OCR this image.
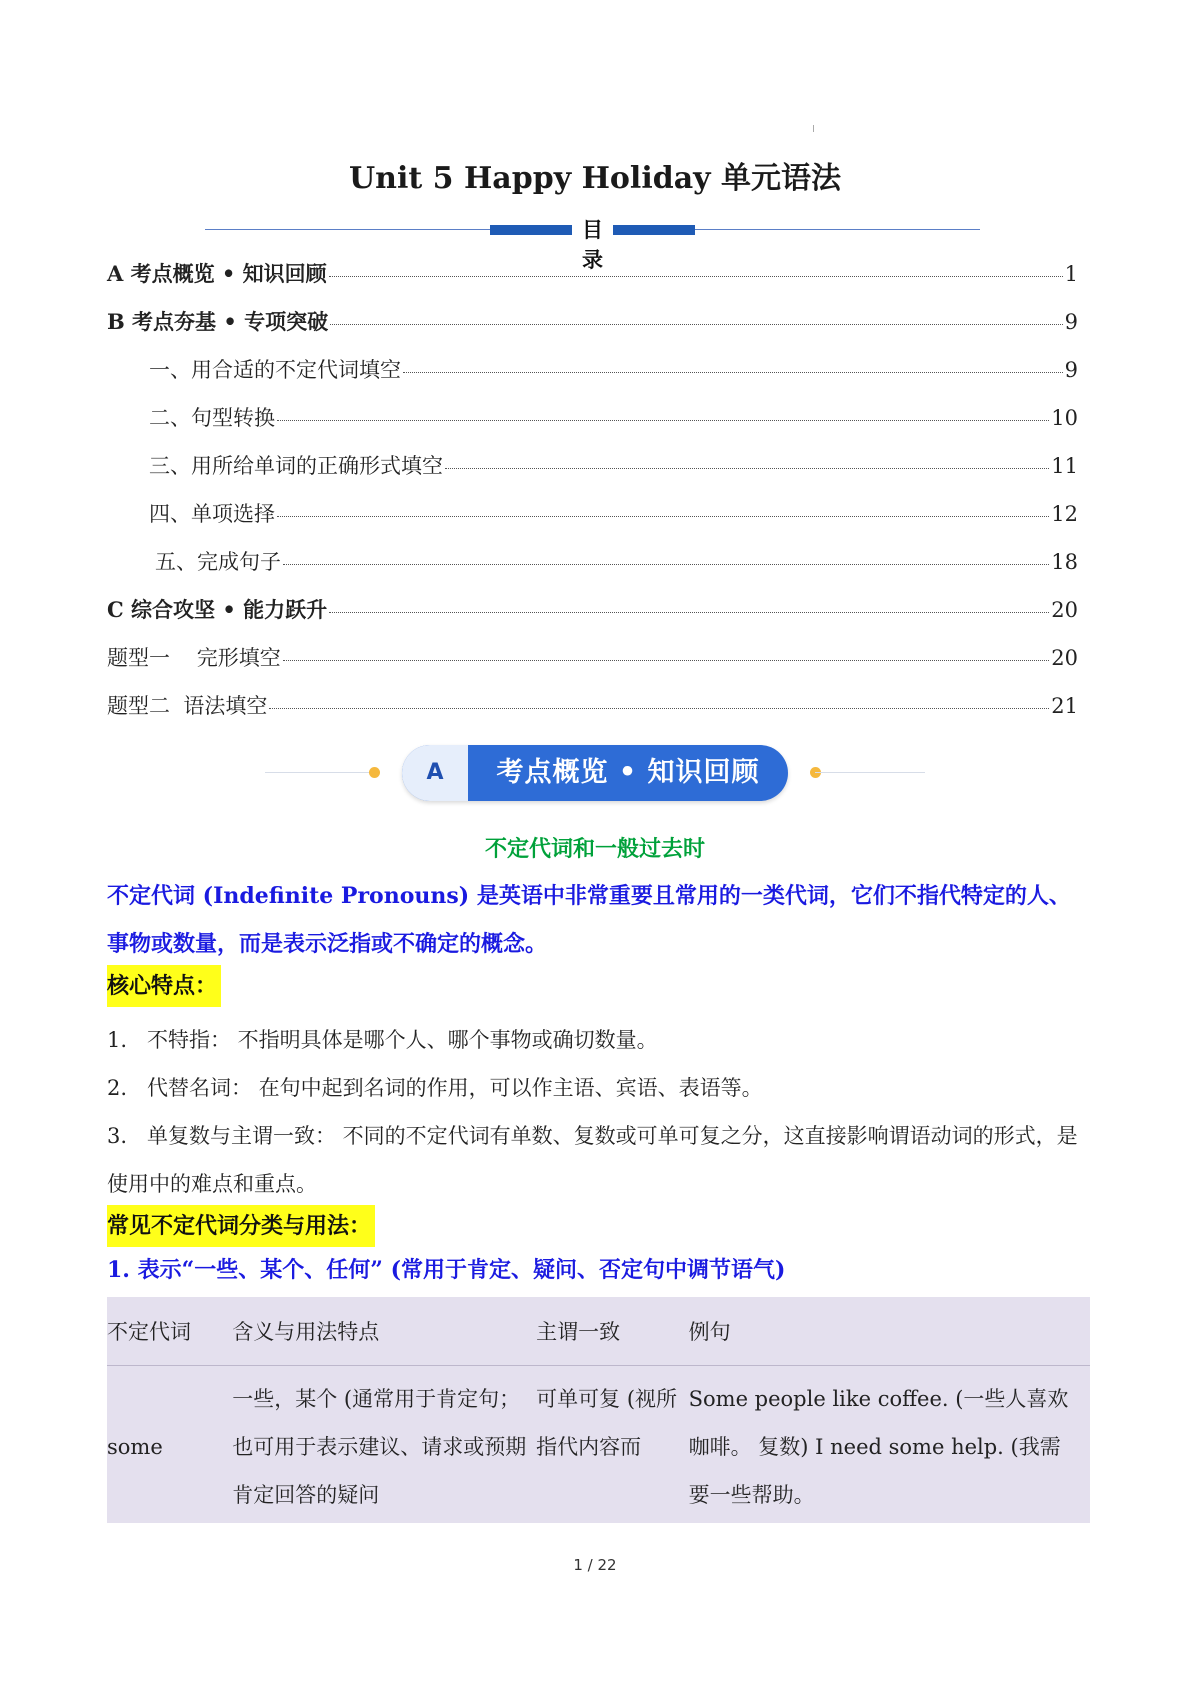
Unit 5 Happy Holiday 单元语法
目录
A 考点概览 • 知识回顾	1
B 考点夯基 • 专项突破	9
一、用合适的不定代词填空	9
二、句型转换	10
三、用所给单词的正确形式填空	11
四、单项选择	12
五、完成句子	18
C 综合攻坚 • 能力跃升	20
题型一    完形填空	20
题型二  语法填空	21
A	考点概览 • 知识回顾
不定代词和一般过去时
不定代词 (Indefinite Pronouns) 是英语中非常重要且常用的一类代词，它们不指代特定的人、事物或数量，而是表示泛指或不确定的概念。
核心特点：
1. 不特指： 不指明具体是哪个人、哪个事物或确切数量。
2. 代替名词： 在句中起到名词的作用，可以作主语、宾语、表语等。
3. 单复数与主谓一致： 不同的不定代词有单数、复数或可单可复之分，这直接影响谓语动词的形式，是使用中的难点和重点。
常见不定代词分类与用法：
1. 表示“一些、某个、任何” (常用于肯定、疑问、否定句中调节语气)
不定代词	含义与用法特点	主谓一致	例句
some	一些，某个 (通常用于肯定句；也可用于表示建议、请求或预期肯定回答的疑问	可单可复 (视所指代内容而	Some people like coffee. (一些人喜欢咖啡。 复数) I need some help. (我需要一些帮助。
1 / 22
